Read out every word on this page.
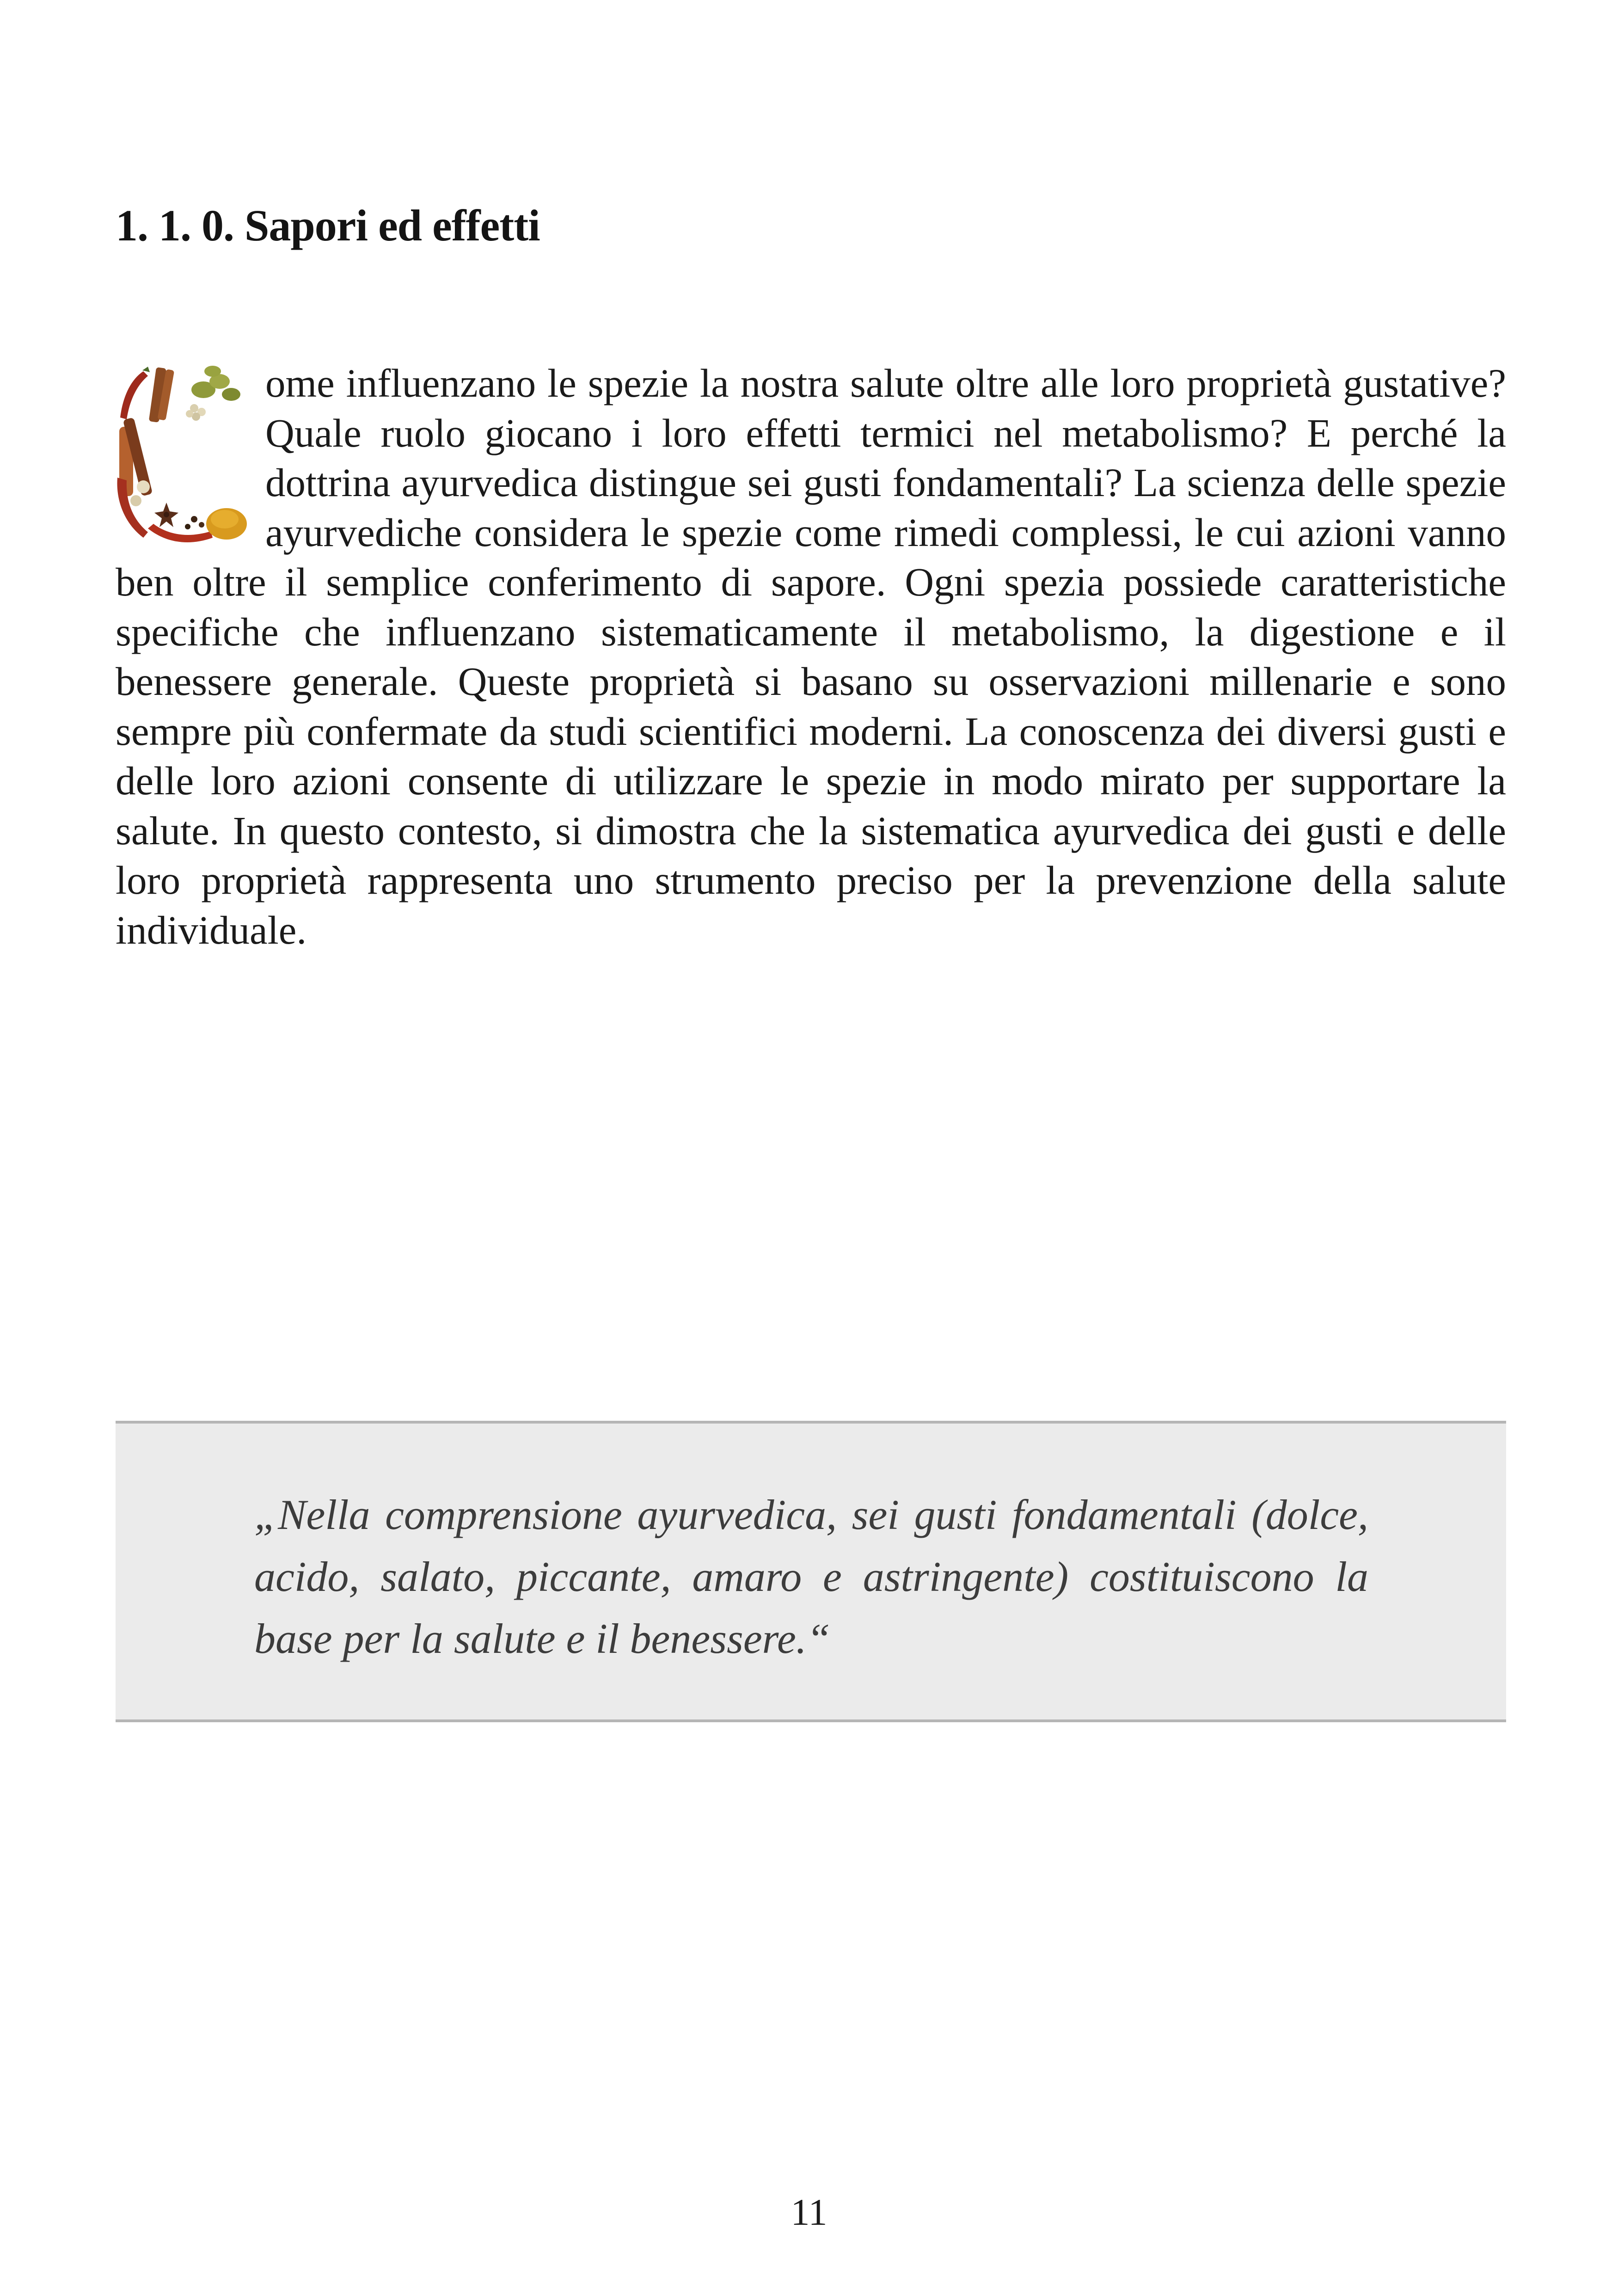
1. 1. 0. Sapori ed effetti

ome influenzano le spezie la nostra salute oltre alle loro proprietà gustative? Quale ruolo giocano i loro effetti termici nel metabolismo? E perché la dottrina ayurvedica distingue sei gusti fondamentali? La scienza delle spezie ayurvediche considera le spezie come rimedi complessi, le cui azioni vanno ben oltre il semplice conferimento di sapore. Ogni spezia possiede caratteristiche specifiche che influenzano sistematicamente il metabolismo, la digestione e il benessere generale. Queste proprietà si basano su osservazioni millenarie e sono sempre più confermate da studi scientifici moderni. La conoscenza dei diversi gusti e delle loro azioni consente di utilizzare le spezie in modo mirato per supportare la salute. In questo contesto, si dimostra che la sistematica ayurvedica dei gusti e delle loro proprietà rappresenta uno strumento preciso per la prevenzione della salute individuale.

„Nella comprensione ayurvedica, sei gusti fondamentali (dolce, acido, salato, piccante, amaro e astringente) costituiscono la base per la salute e il benessere.“

11
